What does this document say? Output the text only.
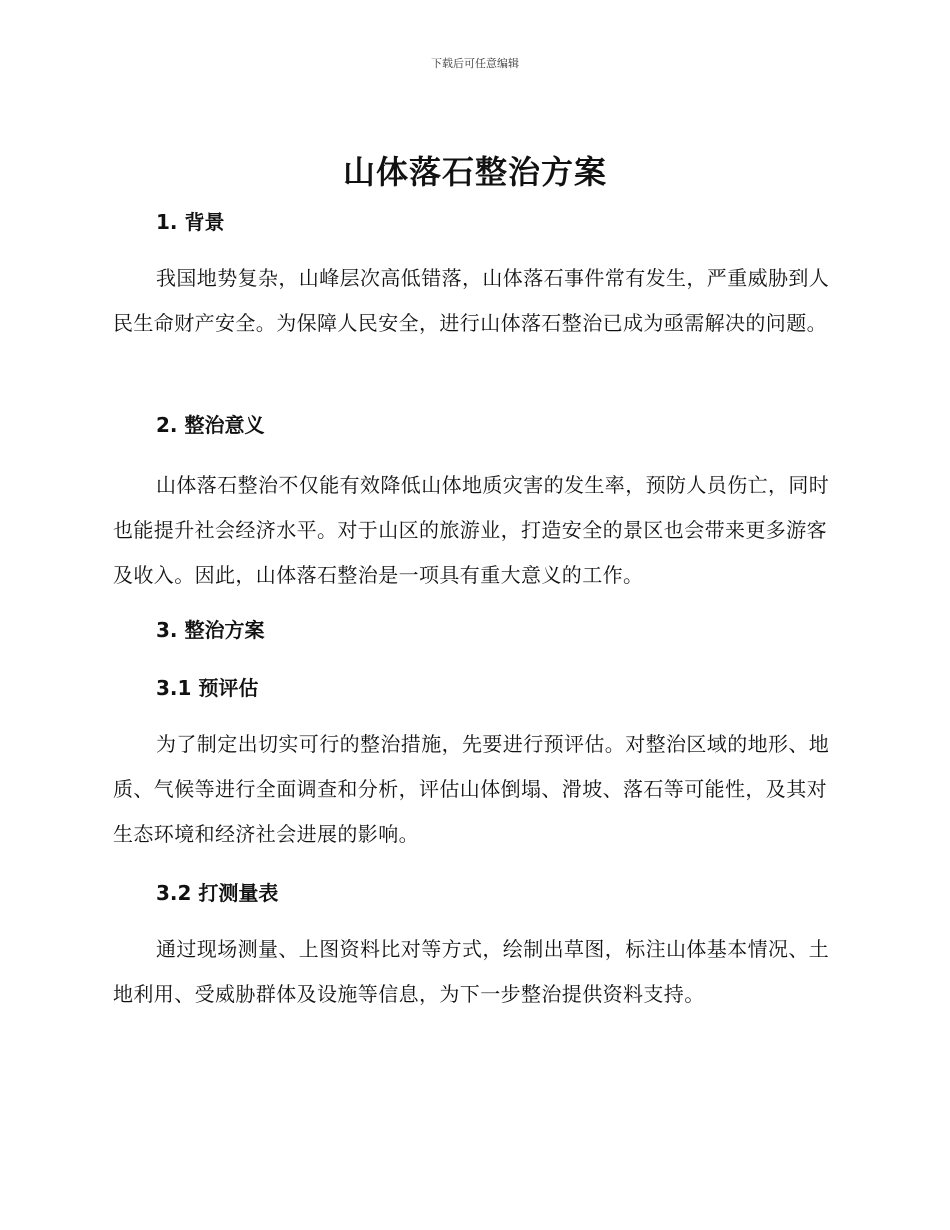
下载后可任意编辑
山体落石整治方案
1. 背景

我国地势复杂，山峰层次高低错落，山体落石事件常有发生，严重威胁到人民生命财产安全。为保障人民安全，进行山体落石整治已成为亟需解决的问题。

2. 整治意义

山体落石整治不仅能有效降低山体地质灾害的发生率，预防人员伤亡，同时也能提升社会经济水平。对于山区的旅游业，打造安全的景区也会带来更多游客及收入。因此，山体落石整治是一项具有重大意义的工作。

3. 整治方案
3.1 预评估

为了制定出切实可行的整治措施，先要进行预评估。对整治区域的地形、地质、气候等进行全面调查和分析，评估山体倒塌、滑坡、落石等可能性，及其对生态环境和经济社会进展的影响。

3.2 打测量表

通过现场测量、上图资料比对等方式，绘制出草图，标注山体基本情况、土地利用、受威胁群体及设施等信息，为下一步整治提供资料支持。
